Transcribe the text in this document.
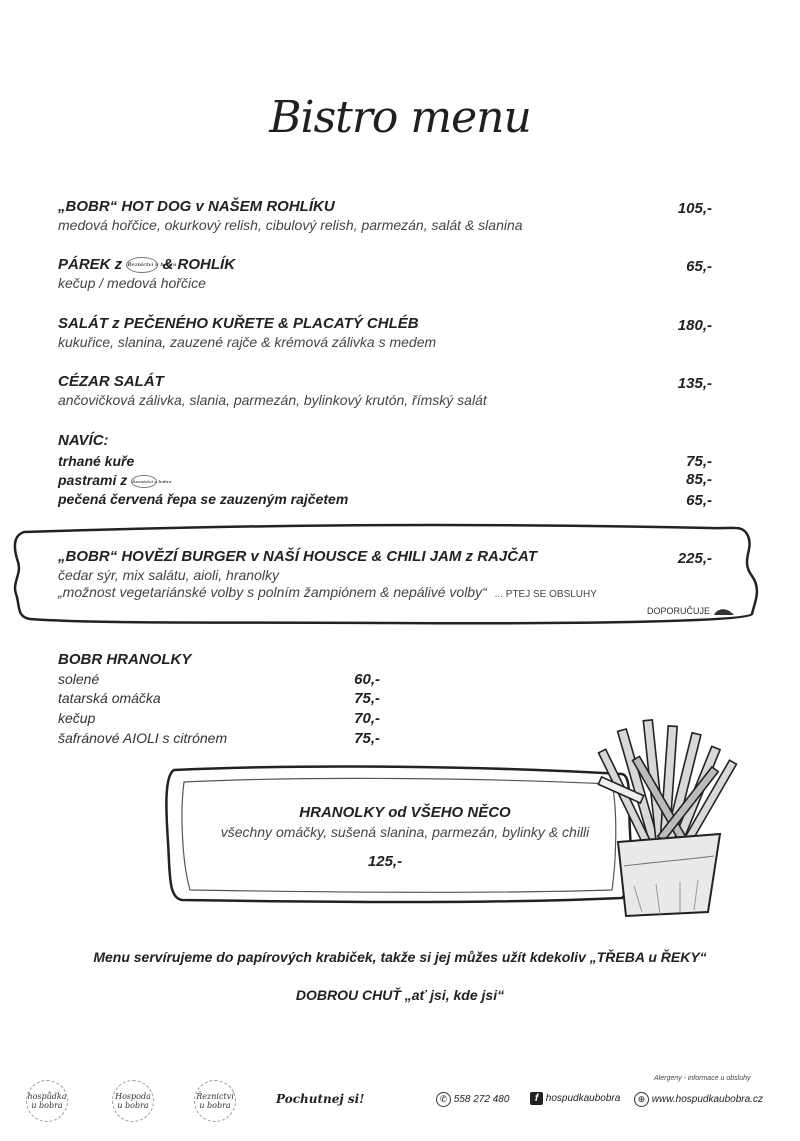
Bistro menu
„BOBR“ HOT DOG v NAŠEM ROHLÍKU
medová hořčice, okurkový relish, cibulový relish, parmezán, salát & slanina
105,-
PÁREK z Řeznictví u bobra & ROHLÍK
kečup / medová hořčice
65,-
SALÁT z PEČENÉHO KUŘETE & PLACATÝ CHLÉB
kukuřice, slanina, zauzené rajče & krémová zálivka s medem
180,-
CÉZAR SALÁT
ančovičková zálivka, slania, parmezán, bylinkový krutón, římský salát
135,-
NAVÍC:
trhané kuře	75,-
pastrami z Řeznictví u bobra	85,-
pečená červená řepa se zauzeným rajčetem	65,-
„BOBR“ HOVĚZÍ BURGER v NAŠÍ HOUSCE & CHILI JAM z RAJČAT
čedar sýr, mix salátu, aioli, hranolky
„možnost vegetariánské volby s polním žampiónem & nepálivé volby“ ... PTEJ SE OBSLUHY
225,-
DOPORUČUJE
BOBR HRANOLKY
solené	60,-
tatarská omáčka	75,-
kečup	70,-
šafránové AIOLI s citrónem	75,-
HRANOLKY od VŠEHO NĚCO
všechny omáčky, sušená slanina, parmezán, bylinky & chilli
125,-
Menu servírujeme do papírových krabiček, takže si jej můžes užít kdekoliv „TŘEBA u ŘEKY“
DOBROU CHUŤ „ať jsi, kde jsi“
hospůdka u bobra
Hospoda u bobra
Řeznictví u bobra	Pochutnej si!
Alergeny - informace u obsluhy
✆ 558 272 480	f hospudkaubobra	⊕ www.hospudkaubobra.cz
